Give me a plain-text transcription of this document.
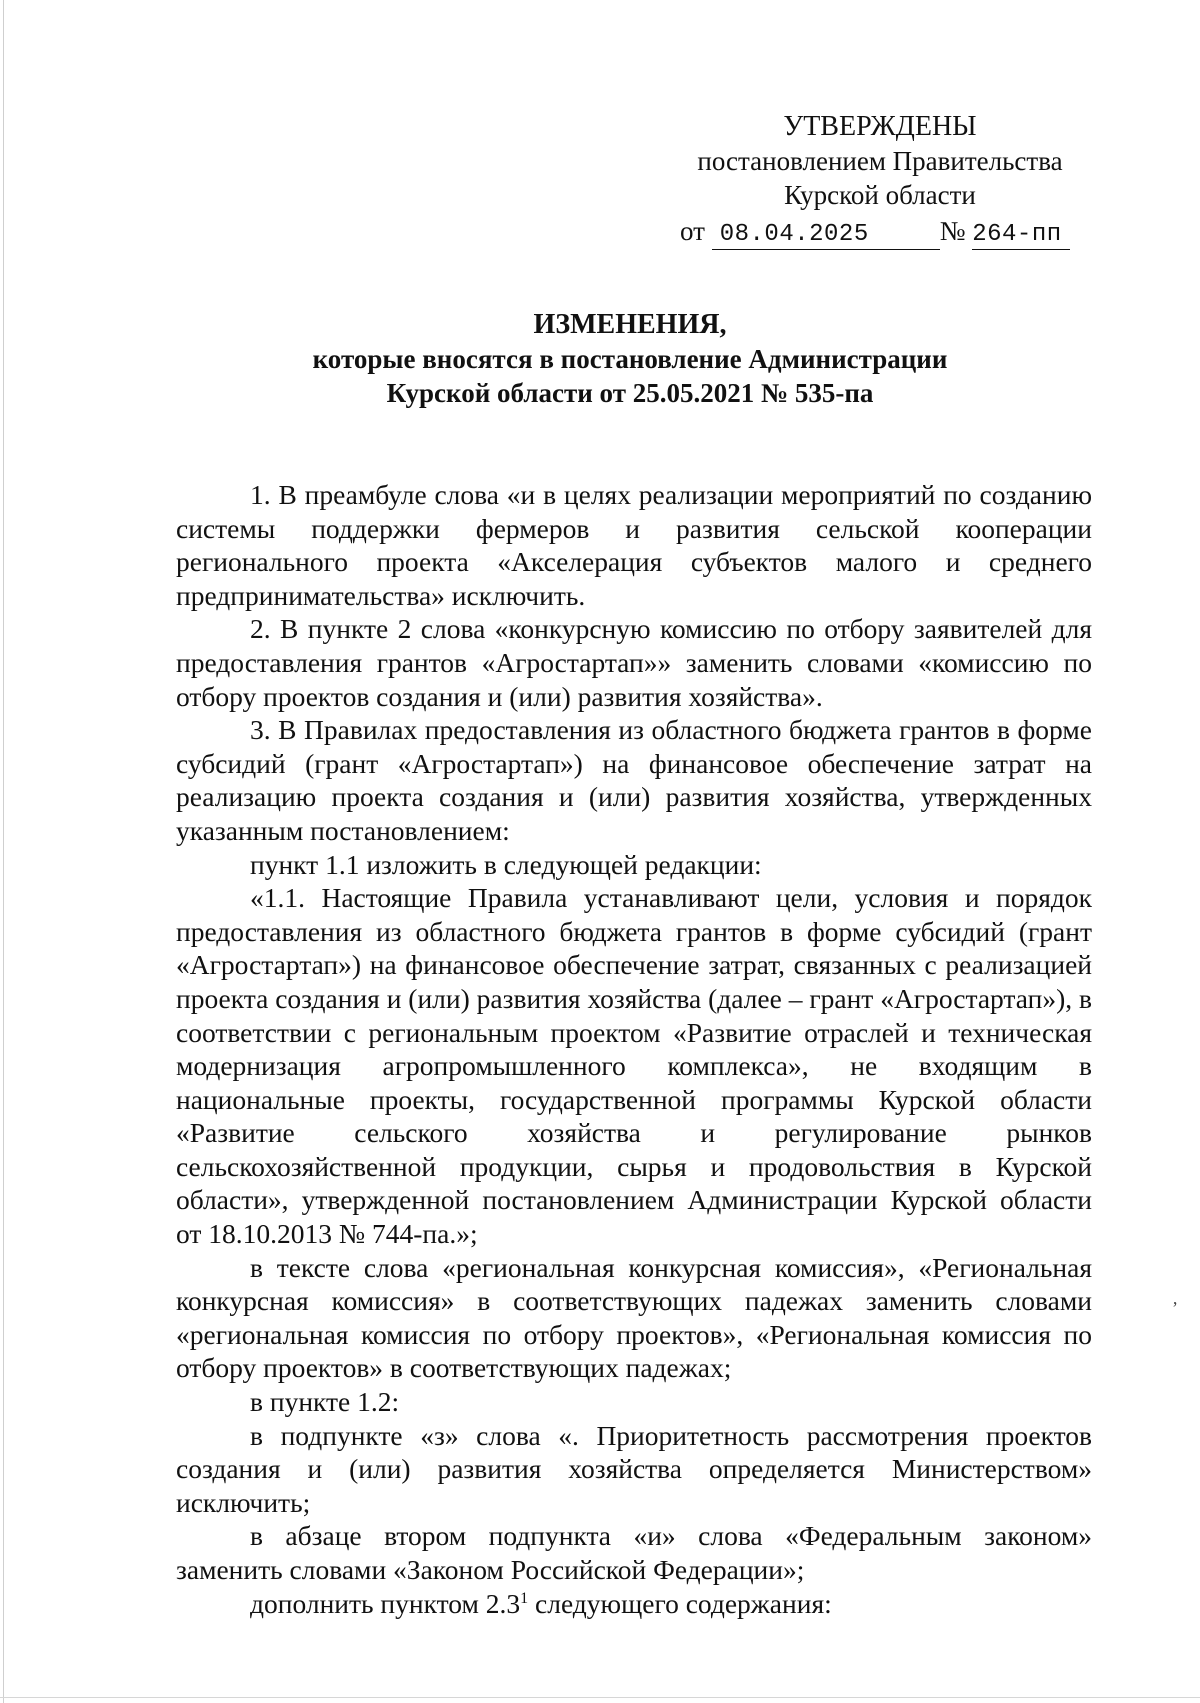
УТВЕРЖДЕНЫ
постановлением Правительства
Курской области
от 08.04.2025	№ 264-пп
ИЗМЕНЕНИЯ,
которые вносятся в постановление Администрации
Курской области от 25.05.2021 № 535-па

1. В преамбуле слова «и в целях реализации мероприятий по созданию системы поддержки фермеров и развития сельской кооперации регионального проекта «Акселерация субъектов малого и среднего предпринимательства» исключить.

2. В пункте 2 слова «конкурсную комиссию по отбору заявителей для предоставления грантов «Агростартап»» заменить словами «комиссию по отбору проектов создания и (или) развития хозяйства».

3. В Правилах предоставления из областного бюджета грантов в форме субсидий (грант «Агростартап») на финансовое обеспечение затрат на реализацию проекта создания и (или) развития хозяйства, утвержденных указанным постановлением:

пункт 1.1 изложить в следующей редакции:

«1.1. Настоящие Правила устанавливают цели, условия и порядок предоставления из областного бюджета грантов в форме субсидий (грант «Агростартап») на финансовое обеспечение затрат, связанных с реализацией проекта создания и (или) развития хозяйства (далее – грант «Агростартап»), в соответствии с региональным проектом «Развитие отраслей и техническая модернизация агропромышленного комплекса», не входящим в национальные проекты, государственной программы Курской области «Развитие сельского хозяйства и регулирование рынков сельскохозяйственной продукции, сырья и продовольствия в Курской области», утвержденной постановлением Администрации Курской области от 18.10.2013 № 744-па.»;

в тексте слова «региональная конкурсная комиссия», «Региональная конкурсная комиссия» в соответствующих падежах заменить словами «региональная комиссия по отбору проектов», «Региональная комиссия по отбору проектов» в соответствующих падежах;

в пункте 1.2:

в подпункте «з» слова «. Приоритетность рассмотрения проектов создания и (или) развития хозяйства определяется Министерством» исключить;

в абзаце втором подпункта «и» слова «Федеральным законом» заменить словами «Законом Российской Федерации»;

дополнить пунктом $2.3^1$ следующего содержания:

ʼ
